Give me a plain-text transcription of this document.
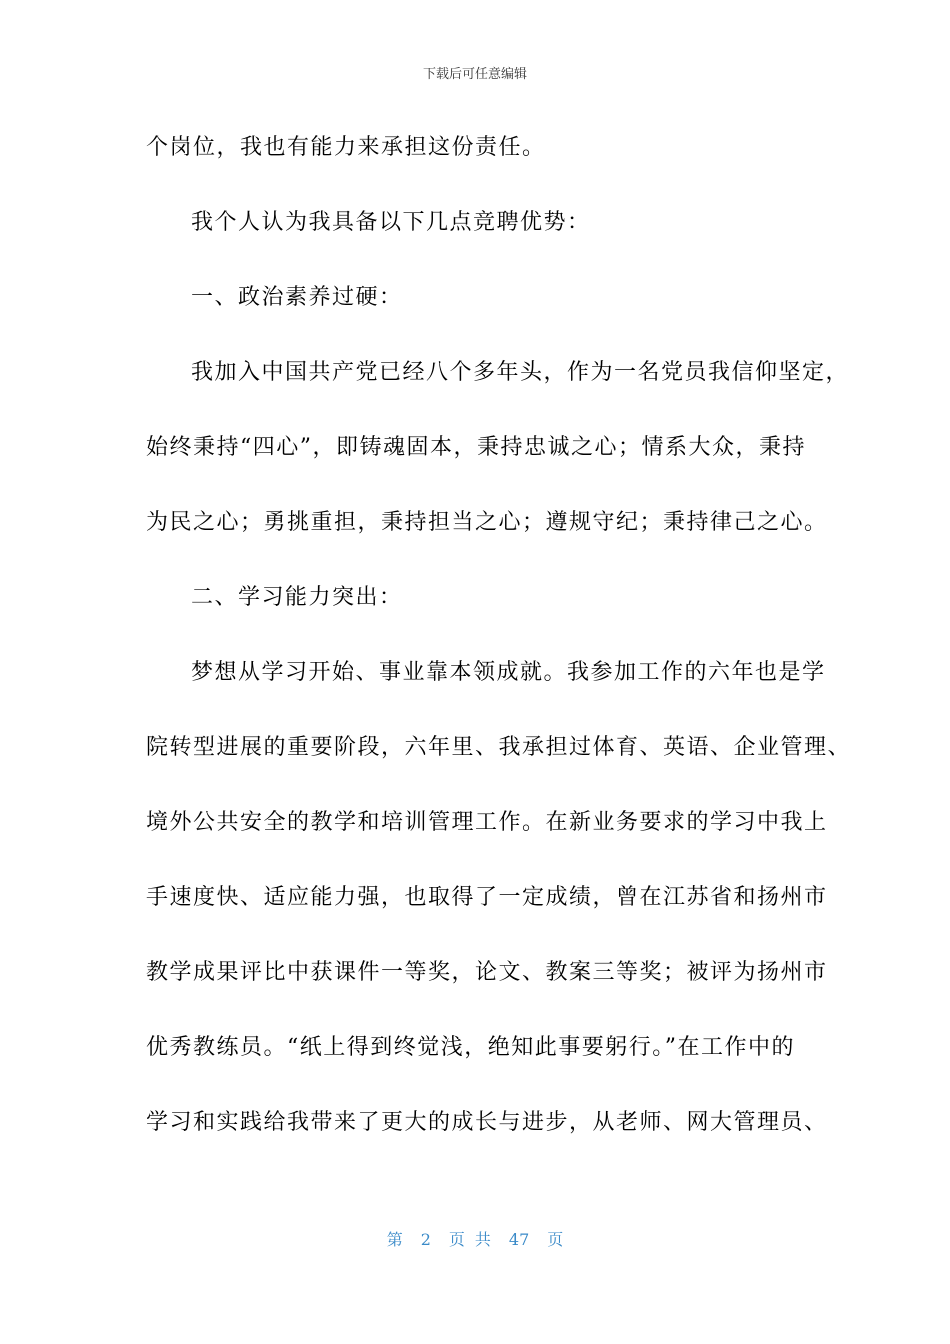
下载后可任意编辑
个岗位，我也有能力来承担这份责任。
我个人认为我具备以下几点竞聘优势：
一、政治素养过硬：
我加入中国共产党已经八个多年头，作为一名党员我信仰坚定，
始终秉持“四心”，即铸魂固本，秉持忠诚之心；情系大众，秉持
为民之心；勇挑重担，秉持担当之心；遵规守纪；秉持律己之心。
二、学习能力突出：
梦想从学习开始、事业靠本领成就。我参加工作的六年也是学
院转型进展的重要阶段，六年里、我承担过体育、英语、企业管理、
境外公共安全的教学和培训管理工作。在新业务要求的学习中我上
手速度快、适应能力强，也取得了一定成绩，曾在江苏省和扬州市
教学成果评比中获课件一等奖，论文、教案三等奖；被评为扬州市
优秀教练员。“纸上得到终觉浅，绝知此事要躬行。”在工作中的
学习和实践给我带来了更大的成长与进步，从老师、网大管理员、
第 2 页共 47 页
